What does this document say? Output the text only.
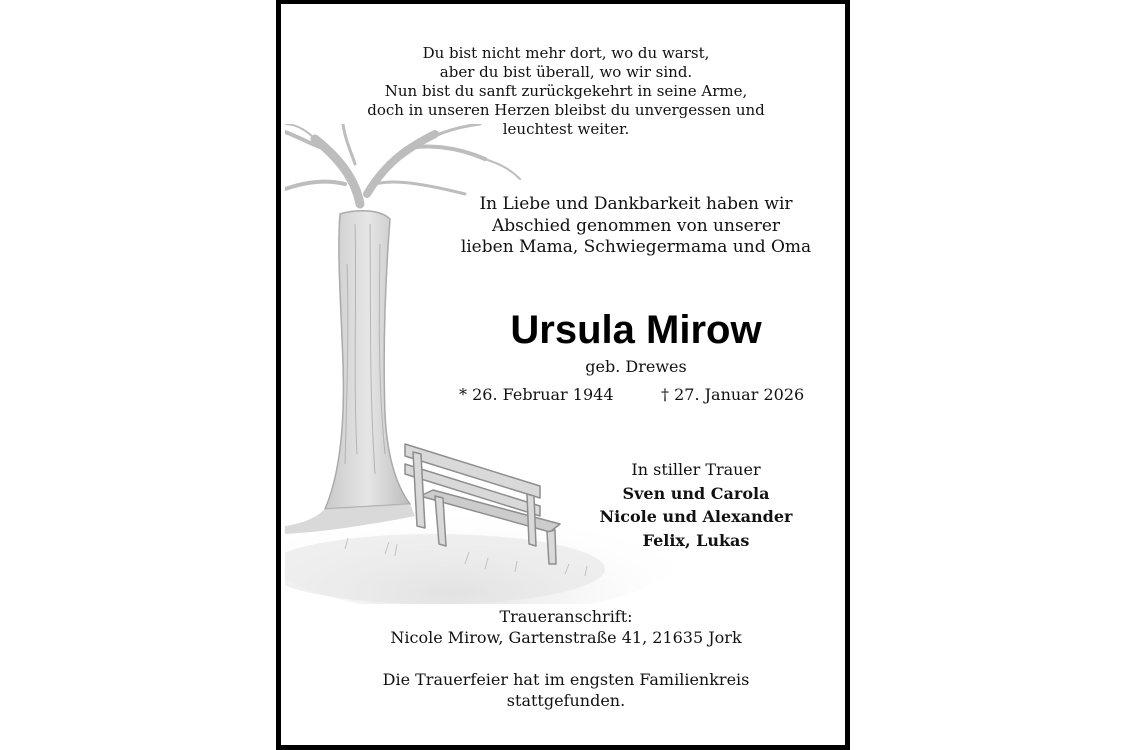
Du bist nicht mehr dort, wo du warst,
aber du bist überall, wo wir sind.
Nun bist du sanft zurückgekehrt in seine Arme,
doch in unseren Herzen bleibst du unvergessen und
leuchtest weiter.
In Liebe und Dankbarkeit haben wir
Abschied genommen von unserer
lieben Mama, Schwiegermama und Oma
Ursula Mirow
geb. Drewes
* 26. Februar 1944	† 27. Januar 2026
In stiller Trauer
Sven und Carola
Nicole und Alexander
Felix, Lukas
Traueranschrift:
Nicole Mirow, Gartenstraße 41, 21635 Jork
Die Trauerfeier hat im engsten Familienkreis
stattgefunden.
